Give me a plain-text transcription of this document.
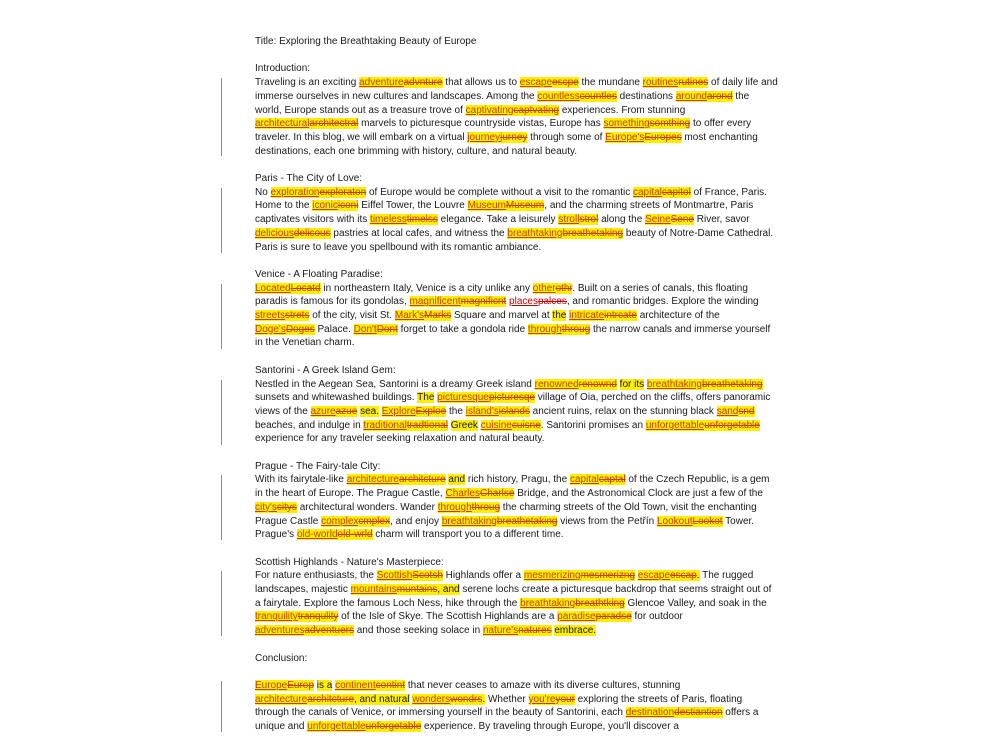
Title: Exploring the Breathtaking Beauty of Europe

Introduction:

Traveling is an exciting adventureadvnture that allows us to escapeescpe the mundane routinesrutines of daily life and immerse ourselves in new cultures and landscapes. Among the countlesscountles destinations aroundarond the world, Europe stands out as a treasure trove of captivatingcaptvating experiences. From stunning architecturalarchitectral marvels to picturesque countryside vistas, Europe has somethingsomthing to offer every traveler. In this blog, we will embark on a virtual journeyjurney through some of Europe'sEuropes most enchanting destinations, each one brimming with history, culture, and natural beauty.

Paris - The City of Love:

No explorationexploraton of Europe would be complete without a visit to the romantic capitalcapitol of France, Paris. Home to the iconiciconi Eiffel Tower, the Louvre MuseumMuseum, and the charming streets of Montmartre, Paris captivates visitors with its timelesstimelss elegance. Take a leisurely strollstrol along the SeineSene River, savor deliciousdelicous pastries at local cafes, and witness the breathtakingbreathetaking beauty of Notre-Dame Cathedral. Paris is sure to leave you spellbound with its romantic ambiance.

Venice - A Floating Paradise:

LocatedLocatd in northeastern Italy, Venice is a city unlike any otherothr. Built on a series of canals, this floating paradis is famous for its gondolas, magnificentmagnificnt placespalces, and romantic bridges. Explore the winding streetsstrets of the city, visit St. Mark'sMarks Square and marvel at the intricateintrcate architecture of the Doge'sDoges Palace. Don'tDont forget to take a gondola ride throughthroug the narrow canals and immerse yourself in the Venetian charm.

Santorini - A Greek Island Gem:

Nestled in the Aegean Sea, Santorini is a dreamy Greek island renownedrenownd for its breathtakingbreathetaking sunsets and whitewashed buildings. The picturesquepicturesqe village of Oia, perched on the cliffs, offers panoramic views of the azureazue sea. ExploreExploe the island'sislands ancient ruins, relax on the stunning black sandsnd beaches, and indulge in traditionaltradtional Greek cuisinecuisne. Santorini promises an unforgettableunforgetable experience for any traveler seeking relaxation and natural beauty.

Prague - The Fairy-tale City:

With its fairytale-like architecturearchitcture and rich history, Pragu, the capitalcaptal of the Czech Republic, is a gem in the heart of Europe. The Prague Castle, CharlesCharlse Bridge, and the Astronomical Clock are just a few of the city'scitys architectural wonders. Wander throughthroug the charming streets of the Old Town, visit the enchanting Prague Castle complexcmplex, and enjoy breathtakingbreathetaking views from the Petřín LookoutLookot Tower. Prague's old-worldold-wrld charm will transport you to a different time.

Scottish Highlands - Nature's Masterpiece:

For nature enthusiasts, the ScottishScotsh Highlands offer a mesmerizingmesmerizng escapeescap. The rugged landscapes, majestic mountainsmuntains, and serene lochs create a picturesque backdrop that seems straight out of a fairytale. Explore the famous Loch Ness, hike through the breathtakingbreathtking Glencoe Valley, and soak in the tranquilitytranqulity of the Isle of Skye. The Scottish Highlands are a paradiseparadse for outdoor adventuresadventuers and those seeking solace in nature'snatures embrace.

Conclusion:

EuropeEurop is a continentcontint that never ceases to amaze with its diverse cultures, stunning architecturearchitcture, and natural wonderswondrs. Whether you'reyour exploring the streets of Paris, floating through the canals of Venice, or immersing yourself in the beauty of Santorini, each destinationdestiantion offers a unique and unforgettableunforgetable experience. By traveling through Europe, you'll discover a
